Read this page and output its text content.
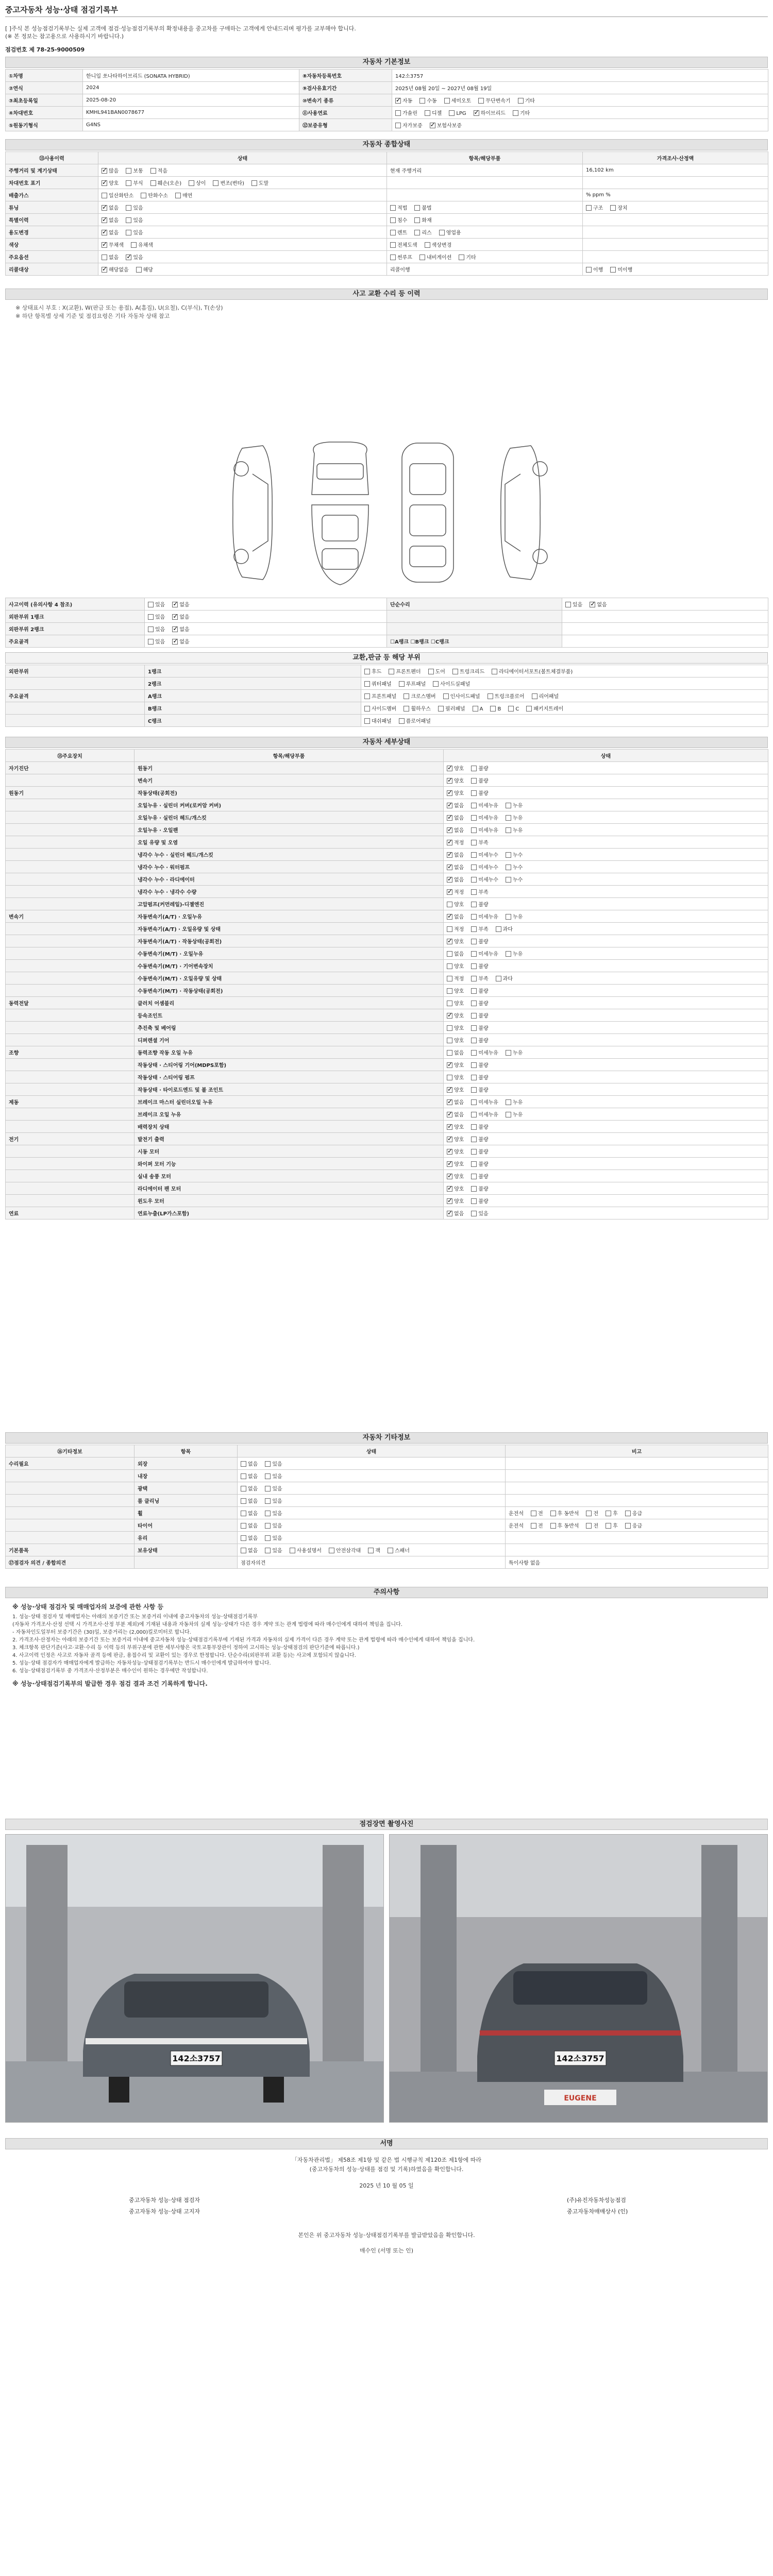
중고자동차 성능·상태 점검기록부
[ ]주식 본 성능점검기록부는 실제 고객에 점검·성능점검기록부의 확정내용을 중고차를 구매하는 고객에게 안내드리며 평가를 교부해야 합니다.
(※ 본 정보는 참고용으로 사용하시기 바랍니다.)
점검번호 제 78-25-9000509
자동차 기본정보
①차명	한니입 쏘나타하이브리드 (SONATA HYBRID)	⑧자동차등록번호	142소3757
②연식	2024	⑨검사유효기간	2025년 08월 20일 ~ 2027년 08월 19일
③최초등록일	2025-08-20	⑩변속기 종류	✓자동 수동 세미오토 무단변속기 기타
④차대번호	KMHL941BAN0078677	⑪사용연료	가솔린 디젤 LPG ✓ 하이브리드 기타
⑤원동기형식	G4NS	⑫보증유형	자가보증 ✓ 보험사보증
자동차 종합상태
⑬사용이력	상태	항목/해당부품	가격조사·산정액
주행거리 및 계기상태	✓많음 보통 적음	현재 주행거리	16,102 km
차대번호 표기	✓양호 부식 훼손(오손) 상이 변조(변타) 도말		
배출가스	일산화탄소 탄화수소 매연		% ppm %
튜닝	✓없음 있음	적법 불법	구조 장치
특별이력	✓없음 있음	침수 화재	
용도변경	✓없음 있음	렌트 리스 영업용	
색상	✓무채색 유채색	전체도색 색상변경	
주요옵션	없음 ✓ 있음	썬루프 내비게이션 기타	
리콜대상	✓해당없음 해당	리콜이행	이행 미이행
사고 교환 수리 등 이력
※ 상태표시 부호 : X(교환), W(판금 또는 용접), A(흠집), U(요철), C(부식), T(손상)
※ 하단 항목별 상세 기준 및 점검요령은 기타 자동차 상태 참고
사고이력 (유의사항 4 참조)	있음 ✓ 없음	단순수리	있음 ✓ 없음
외판부위 1랭크	있음 ✓ 없음		
외판부위 2랭크	있음 ✓ 없음		
주요골격	있음 ✓ 없음	☐A랭크 ☐B랭크 ☐C랭크	
교환,판금 등 해당 부위
외판부위	1랭크	후드 프론트펜더 도어 트렁크리드 라디에이터서포트(볼트체결부품)
	2랭크	쿼터패널 루프패널 사이드실패널
주요골격	A랭크	프론트패널 크로스멤버 인사이드패널 트렁크플로어 리어패널
	B랭크	사이드멤버 휠하우스 필러패널 A B C 패키지트레이
	C랭크	대쉬패널 플로어패널
자동차 세부상태
⑮주요장치	항목/해당부품	상태
자기진단	원동기	✓양호 불량
	변속기	✓양호 불량
원동기	작동상태(공회전)	✓양호 불량
	오일누유 · 실린더 커버(로커암 커버)	✓없음 미세누유 누유
	오일누유 · 실린더 헤드/개스킷	✓없음 미세누유 누유
	오일누유 · 오일팬	✓없음 미세누유 누유
	오일 유량 및 오염	✓적정 부족
	냉각수 누수 · 실린더 헤드/개스킷	✓없음 미세누수 누수
	냉각수 누수 · 워터펌프	✓없음 미세누수 누수
	냉각수 누수 · 라디에이터	✓없음 미세누수 누수
	냉각수 누수 · 냉각수 수량	✓적정 부족
	고압펌프(커먼레일)-디젤엔진	양호 불량
변속기	자동변속기(A/T) · 오일누유	✓없음 미세누유 누유
	자동변속기(A/T) · 오일유량 및 상태	적정 부족 과다
	자동변속기(A/T) · 작동상태(공회전)	✓양호 불량
	수동변속기(M/T) · 오일누유	없음 미세누유 누유
	수동변속기(M/T) · 기어변속장치	양호 불량
	수동변속기(M/T) · 오일유량 및 상태	적정 부족 과다
	수동변속기(M/T) · 작동상태(공회전)	양호 불량
동력전달	클러치 어셈블리	양호 불량
	등속조인트	✓양호 불량
	추진축 및 베어링	양호 불량
	디퍼렌셜 기어	양호 불량
조향	동력조향 작동 오일 누유	없음 미세누유 누유
	작동상태 · 스티어링 기어(MDPS포함)	✓양호 불량
	작동상태 · 스티어링 펌프	양호 불량
	작동상태 · 타이로드엔드 및 볼 조인트	✓양호 불량
제동	브레이크 마스터 실린더오일 누유	✓없음 미세누유 누유
	브레이크 오일 누유	✓없음 미세누유 누유
	배력장치 상태	✓양호 불량
전기	발전기 출력	✓양호 불량
	시동 모터	✓양호 불량
	와이퍼 모터 기능	✓양호 불량
	실내 송풍 모터	✓양호 불량
	라디에이터 팬 모터	✓양호 불량
	윈도우 모터	✓양호 불량
연료	연료누출(LP가스포함)	✓없음 있음
자동차 기타정보
⑯기타정보	항목	상태	비고
수리필요	외장	없음 있음	
	내장	없음 있음	
	광택	없음 있음	
	룸 클리닝	없음 있음	
	휠	없음 있음	운전석 전 후 동반석 전 후 응급
	타이어	없음 있음	운전석 전 후 동반석 전 후 응급
	유리	없음 있음	
기본품목	보유상태	없음 있음 사용설명서 안전삼각대 잭 스패너	
⑰점검자 의견 / 종합의견		점검자의견	특이사항 없음
주의사항
※ 성능·상태 점검자 및 매매업자의 보증에 관한 사항 등
1. 성능·상태 점검자 및 매매업자는 아래의 보증기간 또는 보증거리 이내에 중고자동차의 성능·상태점검기록부
(자동차 가격조사·산정 선택 시 가격조사·산정 부분 제외)에 기재된 내용과 자동차의 실제 성능·상태가 다른 경우 계약 또는 관계 법령에 따라 매수인에게 대하여 책임을 집니다.
- 자동차인도일부터 보증기간은 (30)일, 보증거리는 (2,000)킬로미터로 합니다.
2. 가격조사·산정자는 아래의 보증기간 또는 보증거리 이내에 중고자동차 성능·상태점검기록부에 기재된 가격과 자동차의 실제 가격이 다른 경우 계약 또는 관계 법령에 따라 매수인에게 대하여 책임을 집니다.
3. 체크항목 판단기준(사고·교환·수리 등 이력 등의 부위구분에 관한 세부사항은 국토교통부장관이 정하여 고시하는 성능·상태점검의 판단기준에 따릅니다.)
4. 사고이력 인정은 사고로 자동차 골격 등에 판금, 용접수리 및 교환이 있는 경우로 한정합니다. 단순수리(외판부위 교환 등)는 사고에 포함되지 않습니다.
5. 성능·상태 점검자가 매매업자에게 발급하는 자동차성능·상태점검기록부는 반드시 매수인에게 발급하여야 합니다.
6. 성능·상태점검기록부 중 가격조사·산정부분은 매수인이 원하는 경우에만 작성합니다.
※ 성능·상태점검기록부의 발급한 경우 점검 결과 조건 기록하게 합니다.
점검장면 촬영사진
142소3757	142소3757
EUGENE
서명
「자동차관리법」 제58조 제1항 및 같은 법 시행규칙 제120조 제1항에 따라
(중고자동차의 성능·상태를 점검 및 기록)하였음을 확인합니다.
2025 년 10 월 05 일
중고자동차 성능·상태 점검자	(주)유진자동차성능점검
중고자동차 성능·상태 고지자	중고자동차매매상사 (인)
본인은 위 중고자동차 성능·상태점검기록부를 발급받았음을 확인합니다.
매수인 (서명 또는 인)
